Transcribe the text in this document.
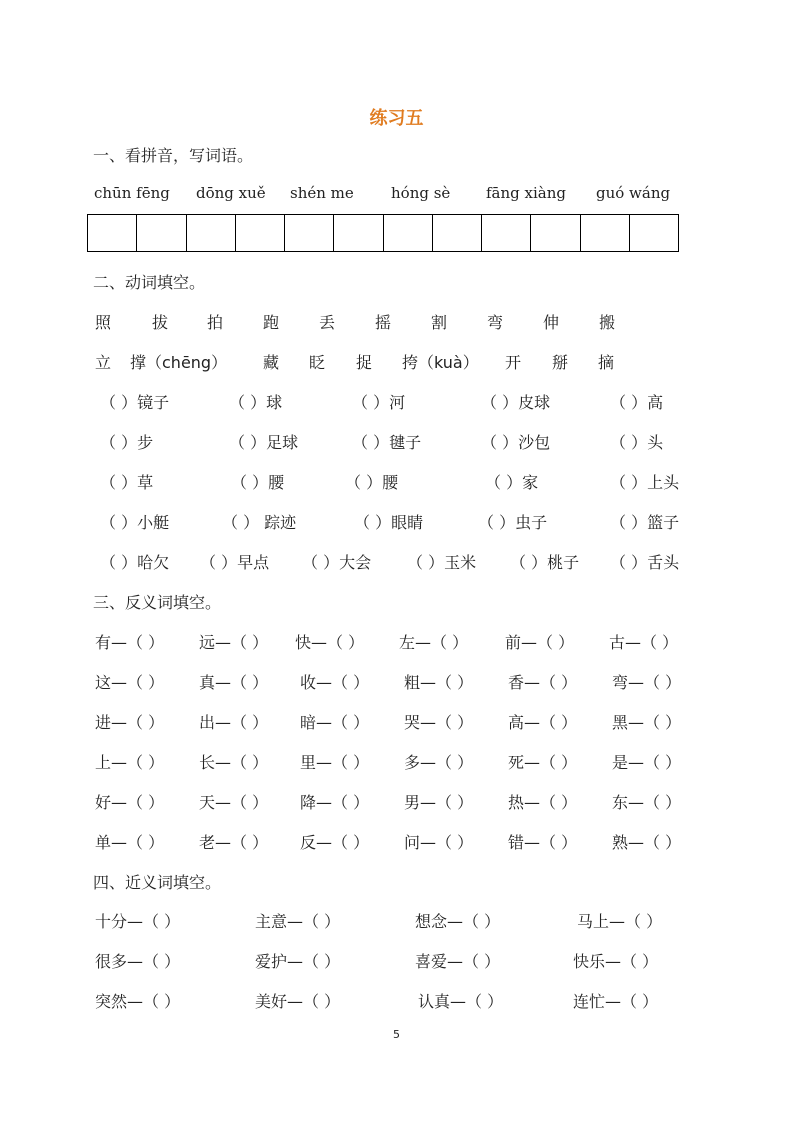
练习五
一、看拼音，写词语。
chūn fēng dōng xuě shén me hóng sè fāng xiàng guó wáng
二、动词填空。
照	拔 拍 跑 丢 摇 割 弯 伸 搬
立 撑（chēng） 藏 眨 捉 挎（kuà） 开 掰 摘
（ ）镜子	（ ）球	（ ）河	（ ）皮球	（ ）高
（ ）步	（ ）足球	（ ）毽子	（ ）沙包	（ ）头
（ ）草	（ ）腰	（ ）腰	（ ）家	（ ）上头
（ ）小艇	（ ） 踪迹	（ ）眼睛	（ ）虫子	（ ）篮子
（ ）哈欠 （ ）早点 （ ）大会 （ ）玉米 （ ）桃子 （ ）舌头
三、反义词填空。
有—（ ） 远—（ ） 快—（ ） 左—（ ） 前—（ ） 古—（ ）
这—（ ） 真—（ ） 收—（ ） 粗—（ ） 香—（ ） 弯—（ ）
进—（ ） 出—（ ） 暗—（ ） 哭—（ ） 高—（ ） 黑—（ ）
上—（ ） 长—（ ） 里—（ ） 多—（ ） 死—（ ） 是—（ ）
好—（ ） 天—（ ） 降—（ ） 男—（ ） 热—（ ） 东—（ ）
单—（ ） 老—（ ） 反—（ ） 问—（ ） 错—（ ） 熟—（ ）
四、近义词填空。
十分—（ ）	主意—（ ）	想念—（ ）	马上—（ ）
很多—（ ）	爱护—（ ）	喜爱—（ ）	快乐—（ ）
突然—（ ）	美好—（ ）	认真—（ ）	连忙—（ ）
5
